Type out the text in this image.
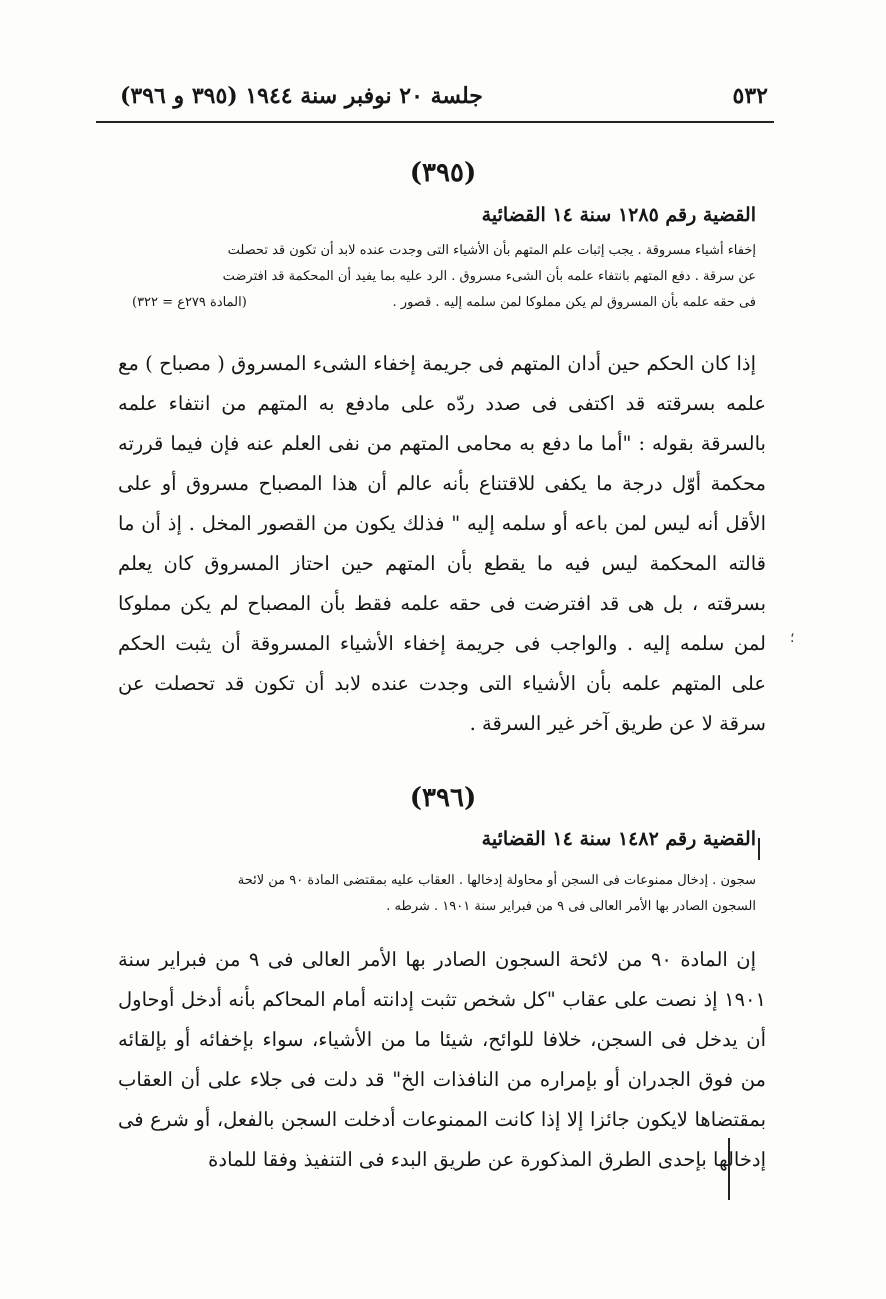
٥٣٢
جلسة ٢٠ نوفبر سنة ١٩٤٤ (٣٩٥ و ٣٩٦)
(٣٩٥)
القضية رقم ١٢٨٥ سنة ١٤ القضائية
إخفاء أشياء مسروقة . يجب إثبات علم المتهم بأن الأشياء التى وجدت عنده لابد أن تكون قد تحصلت
عن سرقة . دفع المتهم بانتفاء علمه بأن الشىء مسروق . الرد عليه بما يفيد أن المحكمة قد افترضت
فى حقه علمه بأن المسروق لم يكن مملوكا لمن سلمه إليه . قصور .
(المادة ٢٧٩ع = ٣٢٢)

إذا كان الحكم حين أدان المتهم فى جريمة إخفاء الشىء المسروق ( مصباح ) مع علمه بسرقته قد اكتفى فى صدد ردّه على مادفع به المتهم من انتفاء علمه بالسرقة بقوله : "أما ما دفع به محامى المتهم من نفى العلم عنه فإن فيما قررته محكمة أوّل درجة ما يكفى للاقتناع بأنه عالم أن هذا المصباح مسروق أو على الأقل أنه ليس لمن باعه أو سلمه إليه " فذلك يكون من القصور المخل . إذ أن ما قالته المحكمة ليس فيه ما يقطع بأن المتهم حين احتاز المسروق كان يعلم بسرقته ، بل هى قد افترضت فى حقه علمه فقط بأن المصباح لم يكن مملوكا لمن سلمه إليه . والواجب فى جريمة إخفاء الأشياء المسروقة أن يثبت الحكم على المتهم علمه بأن الأشياء التى وجدت عنده لابد أن تكون قد تحصلت عن سرقة لا عن طريق آخر غير السرقة .

؛
(٣٩٦)
القضية رقم ١٤٨٢ سنة ١٤ القضائية
سجون . إدخال ممنوعات فى السجن أو محاولة إدخالها . العقاب عليه بمقتضى المادة ٩٠ من لائحة
السجون الصادر بها الأمر العالى فى ٩ من فبراير سنة ١٩٠١ . شرطه .

إن المادة ٩٠ من لائحة السجون الصادر بها الأمر العالى فى ٩ من فبراير سنة ١٩٠١ إذ نصت على عقاب "كل شخص تثبت إدانته أمام المحاكم بأنه أدخل أوحاول أن يدخل فى السجن، خلافا للوائح، شيئا ما من الأشياء، سواء بإخفائه أو بإلقائه من فوق الجدران أو بإمراره من النافذات الخ" قد دلت فى جلاء على أن العقاب بمقتضاها لايكون جائزا إلا إذا كانت الممنوعات أدخلت السجن بالفعل، أو شرع فى إدخالها بإحدى الطرق المذكورة عن طريق البدء فى التنفيذ وفقا للمادة
